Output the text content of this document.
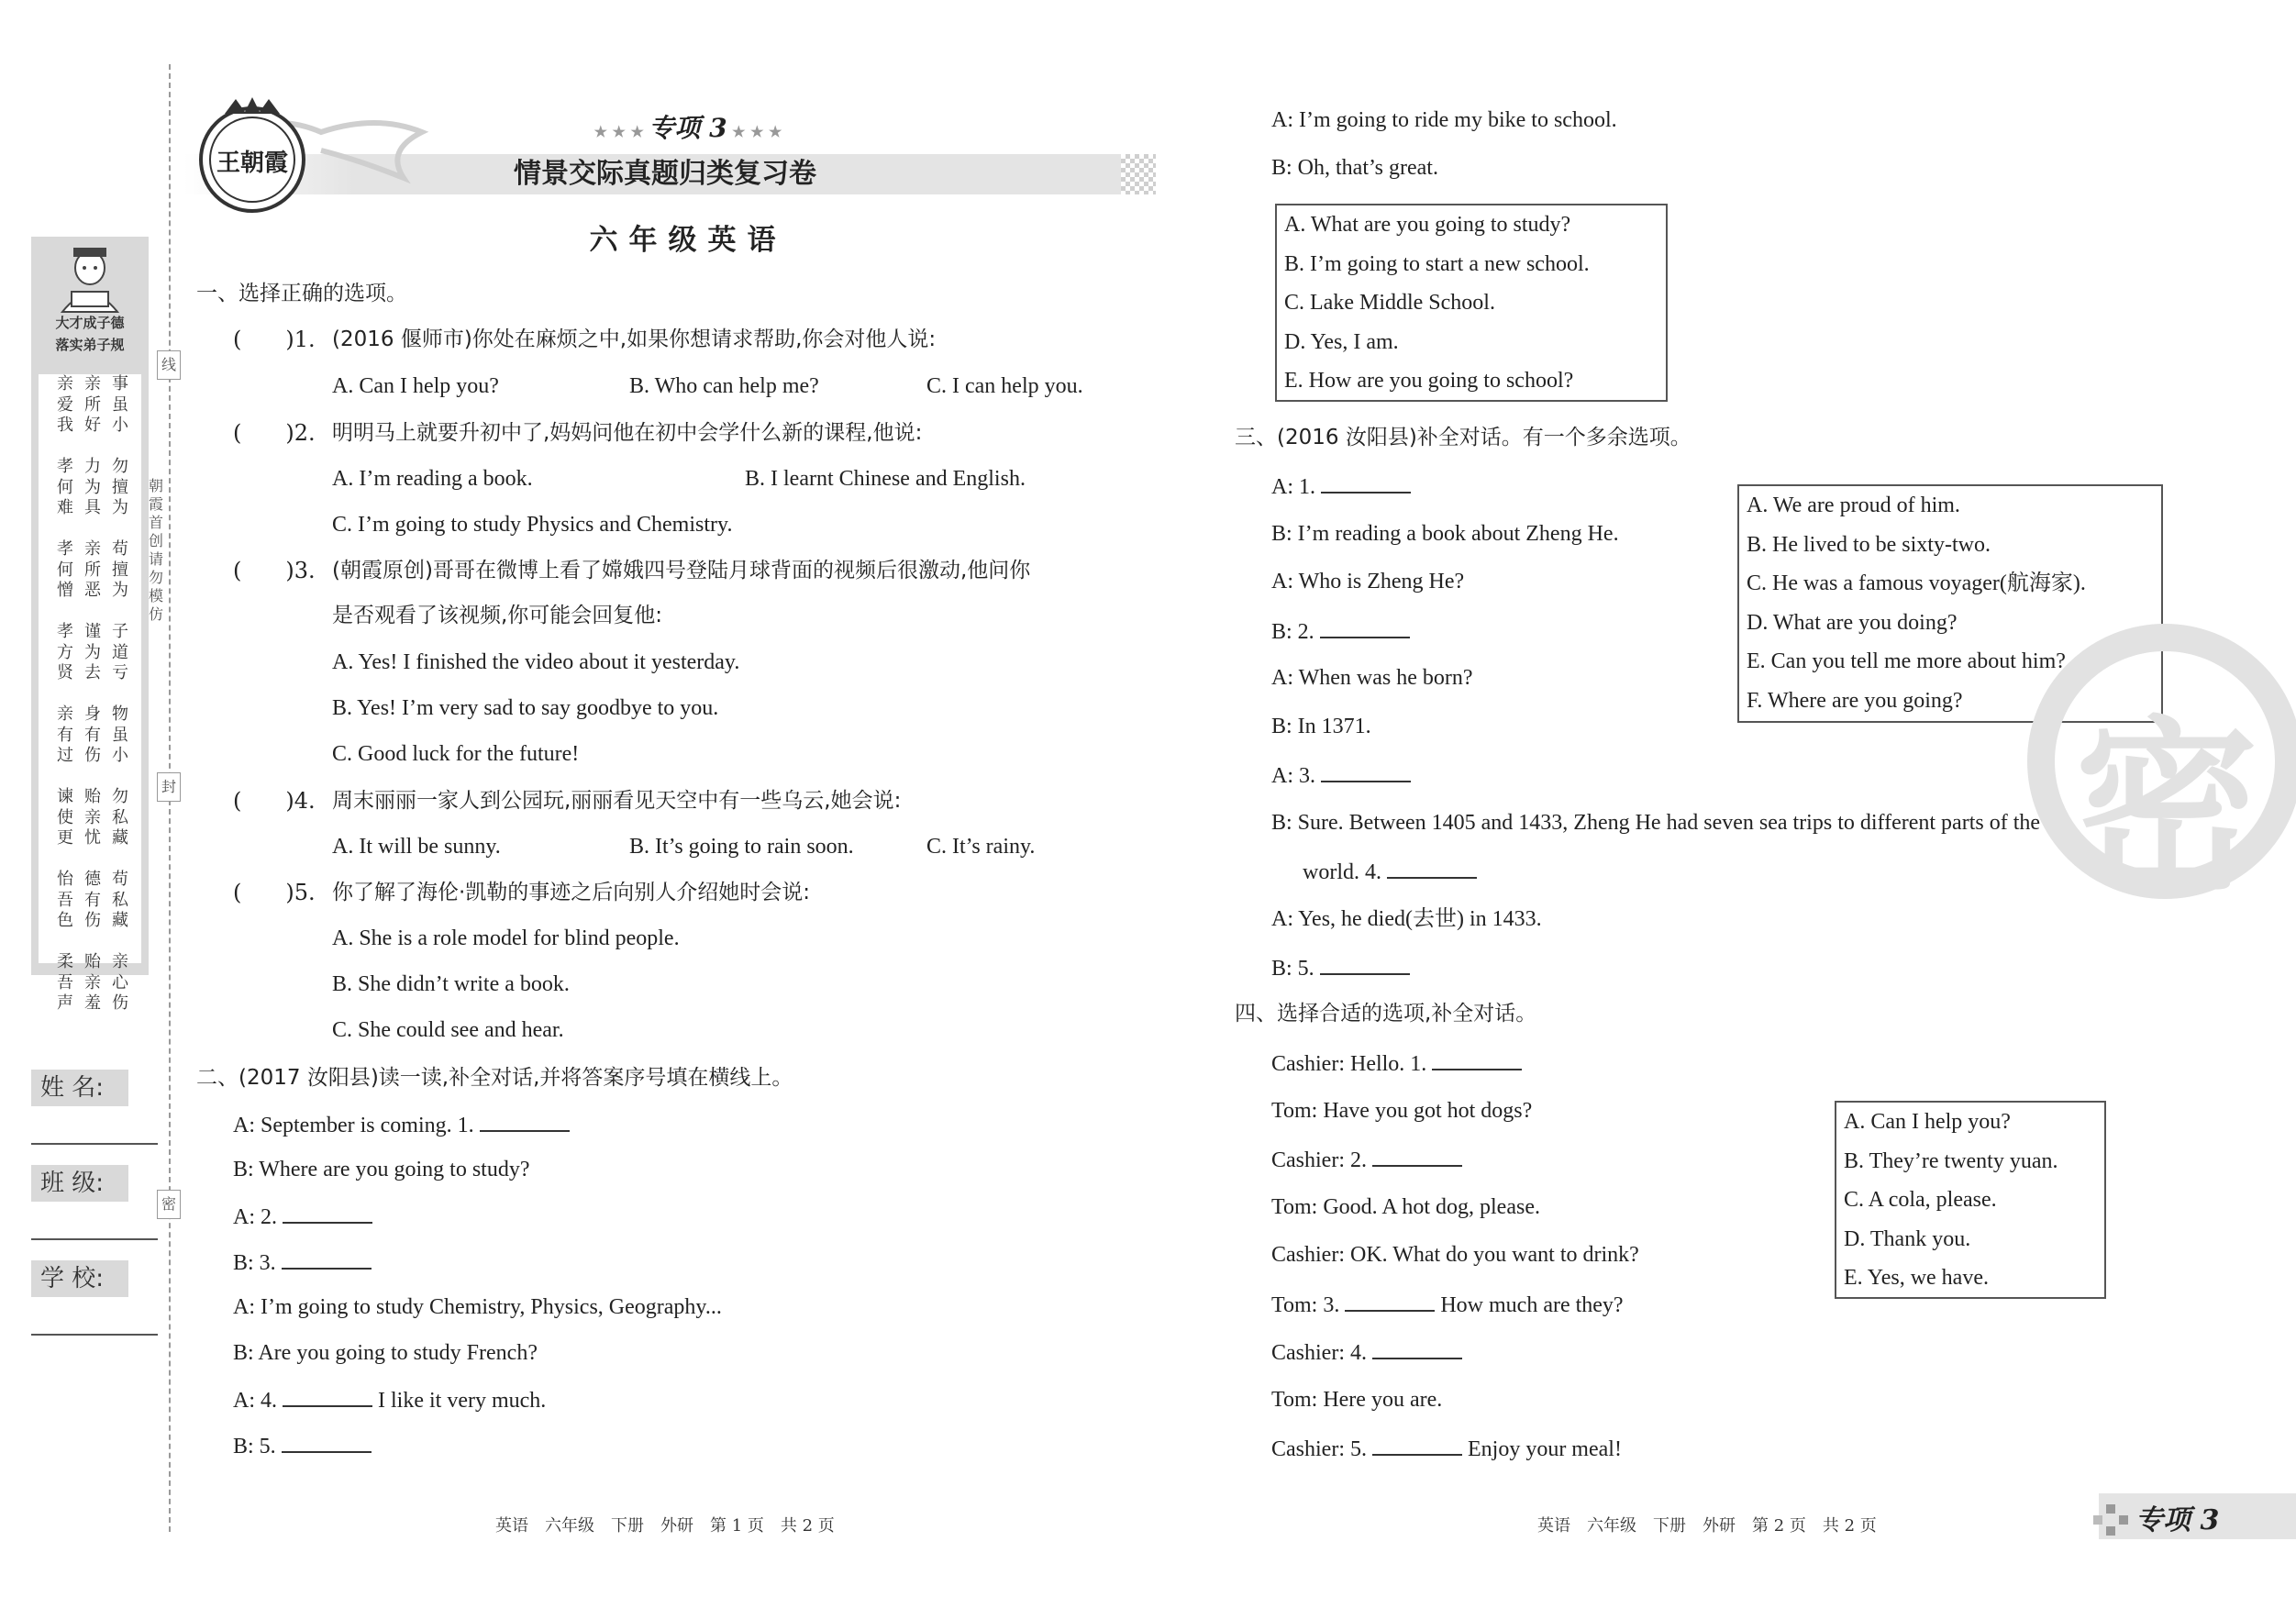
大才成子德
落实弟子规
亲爱我
亲所好
事虽小
孝何难
力为具
勿擅为
孝何憎
亲所恶
苟擅为
孝方贤
谨为去
子道亏
亲有过
身有伤
物虽小
谏使更
贻亲忧
勿私藏
怡吾色
德有伤
苟私藏
柔吾声
贻亲羞
亲心伤
线
封
密
朝霞首创 请勿模仿
姓 名:
班 级:
学 校:
王朝霞
★ ★ ★ 专项 3 ★ ★ ★
情景交际真题归类复习卷
六年级英语
一、选择正确的选项。
(　　)1. (2016 偃师市)你处在麻烦之中,如果你想请求帮助,你会对他人说:
A. Can I help you?	B. Who can help me?	C. I can help you.
(　　)2. 明明马上就要升初中了,妈妈问他在初中会学什么新的课程,他说:
A. I’m reading a book.	B. I learnt Chinese and English.
C. I’m going to study Physics and Chemistry.
(　　)3. (朝霞原创)哥哥在微博上看了嫦娥四号登陆月球背面的视频后很激动,他问你
是否观看了该视频,你可能会回复他:
A. Yes! I finished the video about it yesterday.
B. Yes! I’m very sad to say goodbye to you.
C. Good luck for the future!
(　　)4. 周末丽丽一家人到公园玩,丽丽看见天空中有一些乌云,她会说:
A. It will be sunny.	B. It’s going to rain soon.	C. It’s rainy.
(　　)5. 你了解了海伦·凯勒的事迹之后向别人介绍她时会说:
A. She is a role model for blind people.
B. She didn’t write a book.
C. She could see and hear.
二、(2017 汝阳县)读一读,补全对话,并将答案序号填在横线上。
A: September is coming. 1.
B: Where are you going to study?
A: 2.
B: 3.
A: I’m going to study Chemistry, Physics, Geography...
B: Are you going to study French?
A: 4.	I like it very much.
B: 5.
A: I’m going to ride my bike to school.
B: Oh, that’s great.
A. What are you going to study?
B. I’m going to start a new school.
C. Lake Middle School.
D. Yes, I am.
E. How are you going to school?
三、(2016 汝阳县)补全对话。有一个多余选项。
A: 1.
B: I’m reading a book about Zheng He.
A: Who is Zheng He?
B: 2.
A: When was he born?
B: In 1371.
A: 3.
B: Sure. Between 1405 and 1433, Zheng He had seven sea trips to different parts of the
world. 4.
A: Yes, he died(去世) in 1433.
B: 5.
A. We are proud of him.
B. He lived to be sixty-two.
C. He was a famous voyager(航海家).
D. What are you doing?
E. Can you tell me more about him?
F. Where are you going?
四、选择合适的选项,补全对话。
Cashier: Hello. 1.
Tom: Have you got hot dogs?
Cashier: 2.
Tom: Good. A hot dog, please.
Cashier: OK. What do you want to drink?
Tom: 3.	How much are they?
Cashier: 4.
Tom: Here you are.
Cashier: 5.	Enjoy your meal!
A. Can I help you?
B. They’re twenty yuan.
C. A cola, please.
D. Thank you.
E. Yes, we have.
密
英语　六年级　下册　外研　第 1 页　共 2 页	英语　六年级　下册　外研　第 2 页　共 2 页	专项 3
